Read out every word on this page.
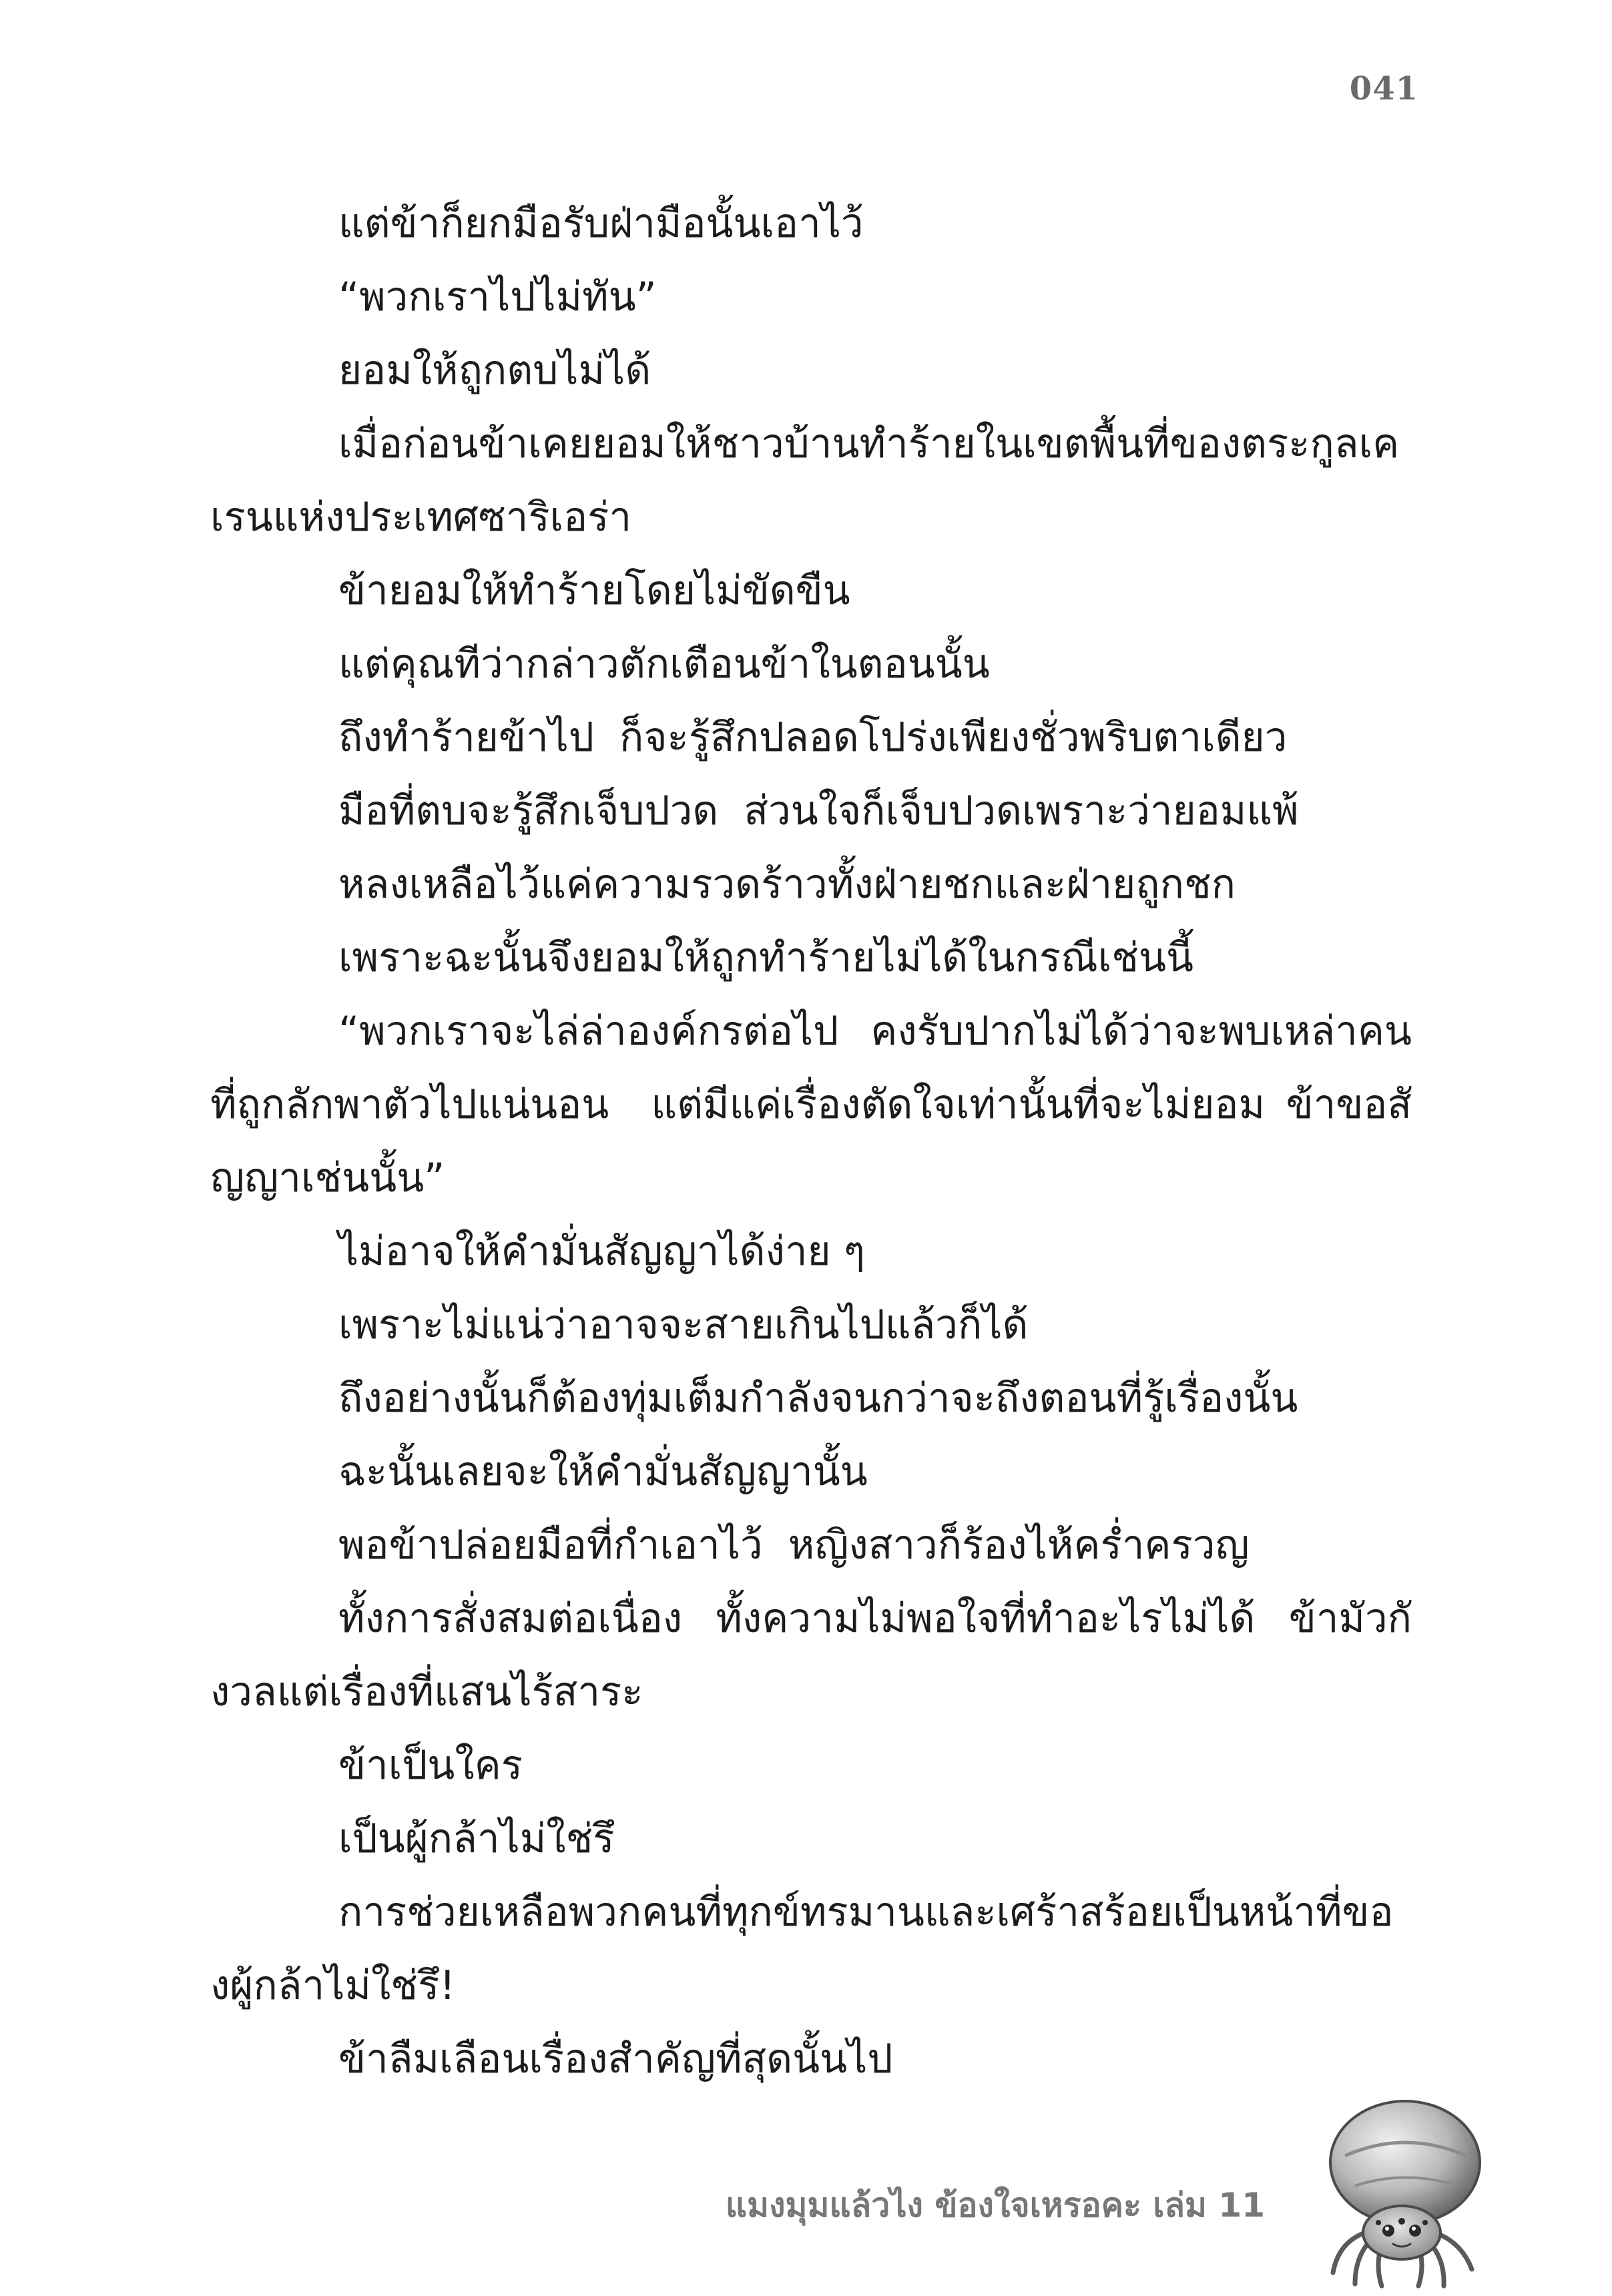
041

แต่ข้าก็ยกมือรับฝ่ามือนั้นเอาไว้

“พวกเราไปไม่ทัน”

ยอมให้ถูกตบไม่ได้

เมื่อก่อนข้าเคยยอมให้ชาวบ้านทำร้ายในเขตพื้นที่ของตระกูลเคเรนแห่งประเทศซาริเอร่า

ข้ายอมให้ทำร้ายโดยไม่ขัดขืน

แต่คุณทีว่ากล่าวตักเตือนข้าในตอนนั้น

ถึงทำร้ายข้าไป  ก็จะรู้สึกปลอดโปร่งเพียงชั่วพริบตาเดียว

มือที่ตบจะรู้สึกเจ็บปวด  ส่วนใจก็เจ็บปวดเพราะว่ายอมแพ้

หลงเหลือไว้แค่ความรวดร้าวทั้งฝ่ายชกและฝ่ายถูกชก

เพราะฉะนั้นจึงยอมให้ถูกทำร้ายไม่ได้ในกรณีเช่นนี้

“พวกเราจะไล่ล่าองค์กรต่อไป  คงรับปากไม่ได้ว่าจะพบเหล่าคนที่ถูกลักพาตัวไปแน่นอน  แต่มีแค่เรื่องตัดใจเท่านั้นที่จะไม่ยอม ข้าขอสัญญาเช่นนั้น”

ไม่อาจให้คำมั่นสัญญาได้ง่าย ๆ

เพราะไม่แน่ว่าอาจจะสายเกินไปแล้วก็ได้

ถึงอย่างนั้นก็ต้องทุ่มเต็มกำลังจนกว่าจะถึงตอนที่รู้เรื่องนั้น

ฉะนั้นเลยจะให้คำมั่นสัญญานั้น

พอข้าปล่อยมือที่กำเอาไว้  หญิงสาวก็ร้องไห้คร่ำครวญ

ทั้งการสั่งสมต่อเนื่อง  ทั้งความไม่พอใจที่ทำอะไรไม่ได้  ข้ามัวกังวลแต่เรื่องที่แสนไร้สาระ

ข้าเป็นใคร

เป็นผู้กล้าไม่ใช่รึ

การช่วยเหลือพวกคนที่ทุกข์ทรมานและเศร้าสร้อยเป็นหน้าที่ของผู้กล้าไม่ใช่รึ!

ข้าลืมเลือนเรื่องสำคัญที่สุดนั้นไป

แมงมุมแล้วไง ข้องใจเหรอคะ เล่ม 11
